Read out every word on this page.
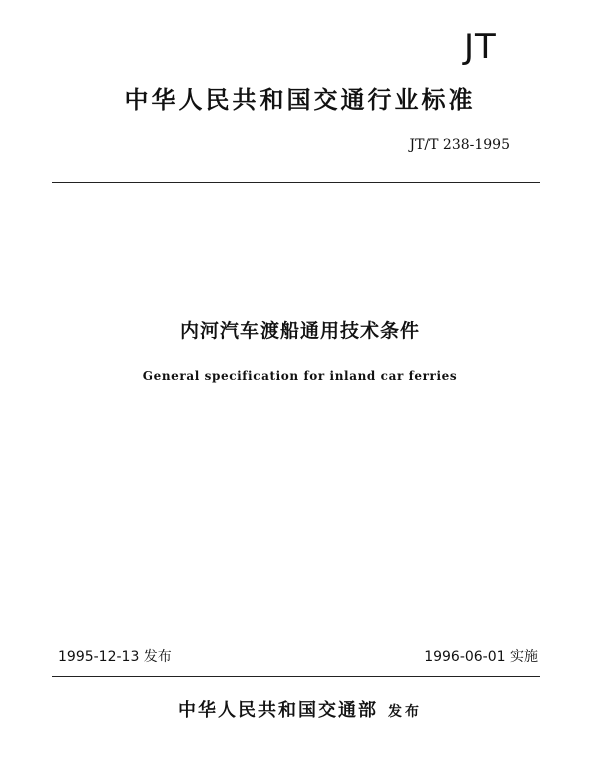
JT
中华人民共和国交通行业标准
JT/T 238-1995
内河汽车渡船通用技术条件
General specification for inland car ferries
1995-12-13 发布	1996-06-01 实施
中华人民共和国交通部 发布
